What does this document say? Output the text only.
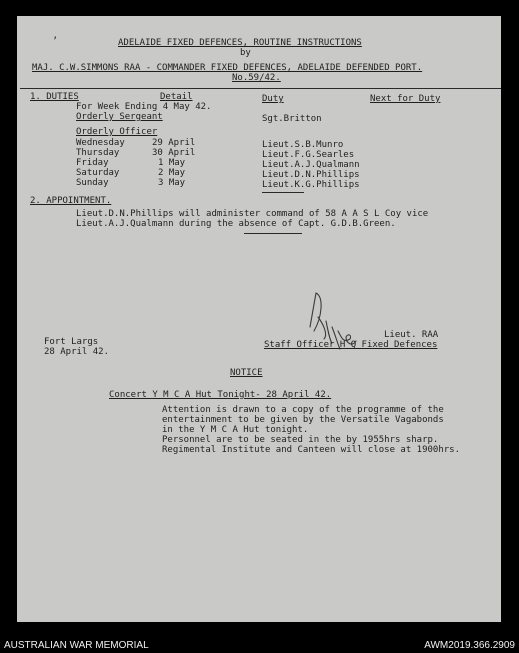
’	ADELAIDE FIXED DEFENCES, ROUTINE INSTRUCTIONS
by
MAJ. C.W.SIMMONS RAA - COMMANDER FIXED DEFENCES, ADELAIDE DEFENDED PORT.
No.59/42.
1. DUTIES	Detail	Duty	Next for Duty
For Week Ending 4 May 42.
Orderly Sergeant	Sgt.Britton
Orderly Officer
Wednesday	29 April	Lieut.S.B.Munro
Thursday	30 April	Lieut.F.G.Searles
Friday	1 May	Lieut.A.J.Qualmann
Saturday	2 May	Lieut.D.N.Phillips
Sunday	3 May	Lieut.K.G.Phillips
2. APPOINTMENT.
Lieut.D.N.Phillips will administer command of 58 A A S L Coy vice
Lieut.A.J.Qualmann during the absence of Capt. G.D.B.Green.
Fort Largs
28 April 42.
Lieut. RAA
Staff Officer H Q Fixed Defences
NOTICE
Concert Y M C A Hut Tonight- 28 April 42.
Attention is drawn to a copy of the programme of the
entertainment to be given by the Versatile Vagabonds
in the Y M C A Hut tonight.
Personnel are to be seated in the by 1955hrs sharp.
Regimental Institute and Canteen will close at 1900hrs.
AUSTRALIAN WAR MEMORIAL	AWM2019.366.2909
